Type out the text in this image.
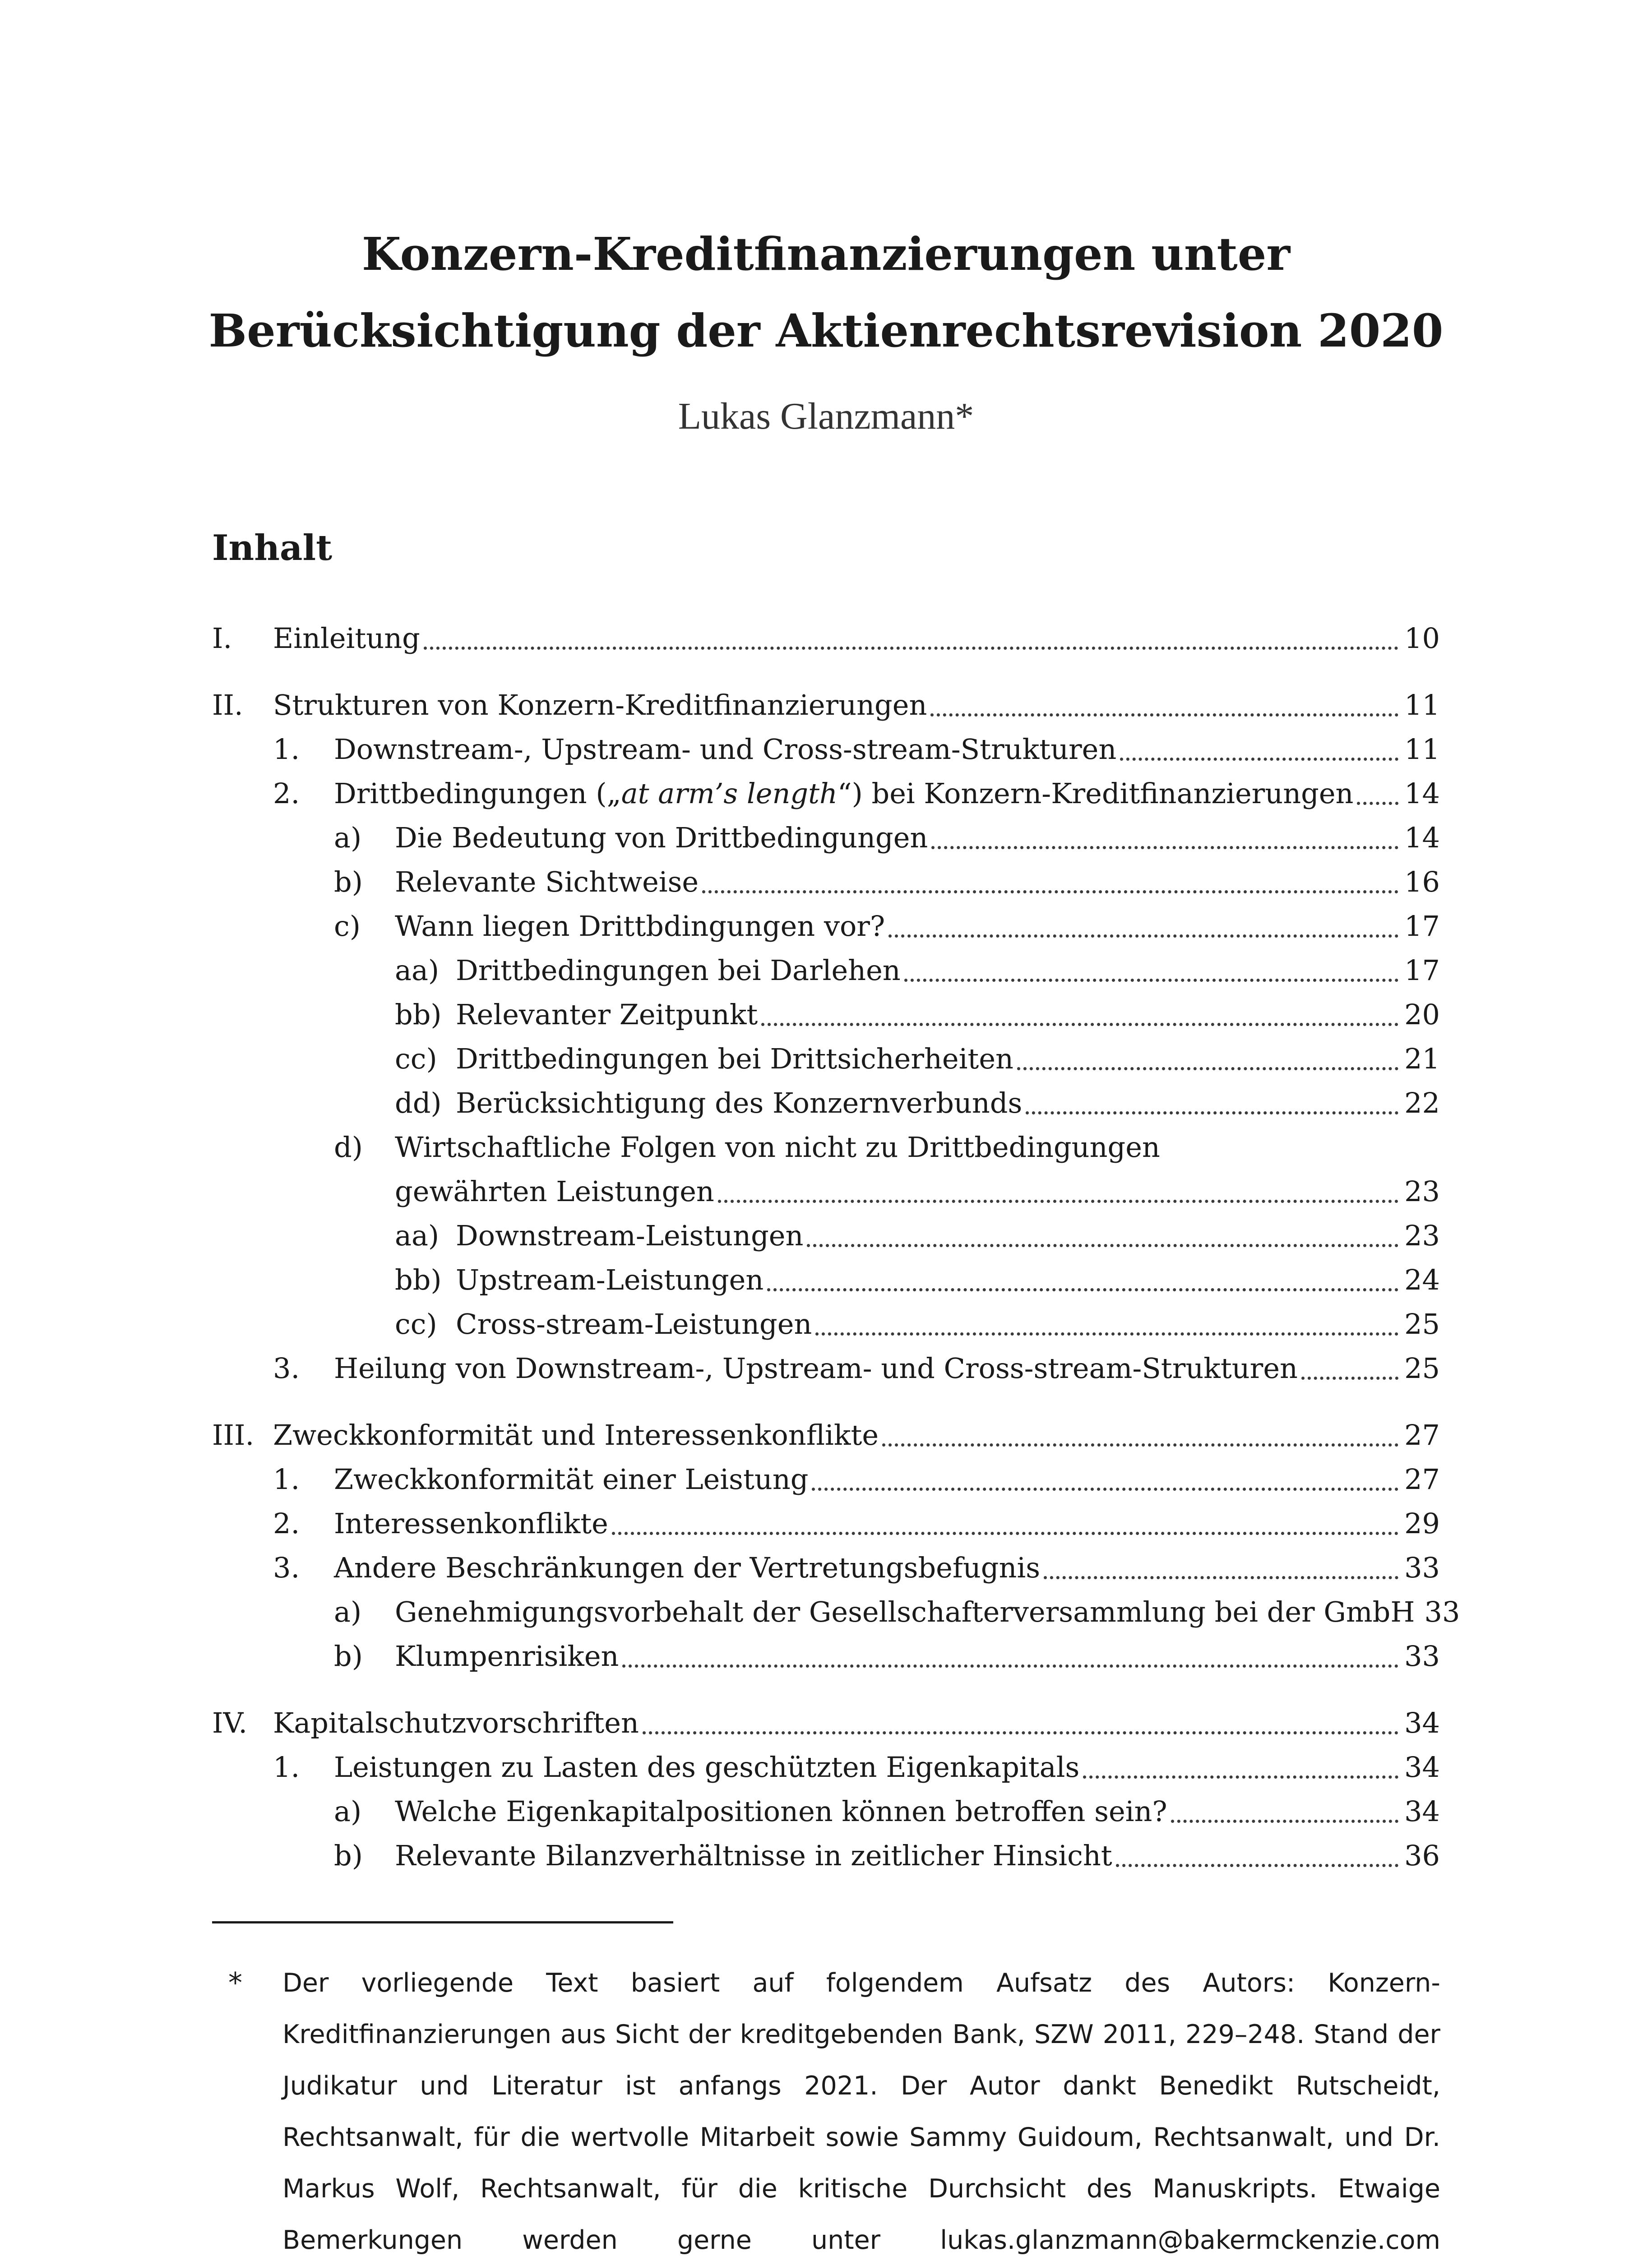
Konzern-Kreditfinanzierungen unter
Berücksichtigung der Aktienrechtsrevision 2020
Lukas Glanzmann*
Inhalt
I. Einleitung	10
II. Strukturen von Konzern-Kreditfinanzierungen	11
1. Downstream-, Upstream- und Cross-stream-Strukturen	11
2. Drittbedingungen („at arm’s length“) bei Konzern-Kreditfinanzierungen 14
a) Die Bedeutung von Drittbedingungen	14
b) Relevante Sichtweise	16
c) Wann liegen Drittbdingungen vor?	17
aa) Drittbedingungen bei Darlehen	17
bb) Relevanter Zeitpunkt	20
cc) Drittbedingungen bei Drittsicherheiten	21
dd) Berücksichtigung des Konzernverbunds	22
d) Wirtschaftliche Folgen von nicht zu Drittbedingungen
gewährten Leistungen	23
aa) Downstream-Leistungen	23
bb) Upstream-Leistungen	24
cc) Cross-stream-Leistungen	25
3. Heilung von Downstream-, Upstream- und Cross-stream-Strukturen	25
III. Zweckkonformität und Interessenkonflikte	27
1. Zweckkonformität einer Leistung	27
2. Interessenkonflikte	29
3. Andere Beschränkungen der Vertretungsbefugnis	33
a) Genehmigungsvorbehalt der Gesellschafterversammlung bei der GmbH 33
b) Klumpenrisiken	33
IV. Kapitalschutzvorschriften	34
1. Leistungen zu Lasten des geschützten Eigenkapitals	34
a) Welche Eigenkapitalpositionen können betroffen sein?	34
b) Relevante Bilanzverhältnisse in zeitlicher Hinsicht	36
* Der vorliegende Text basiert auf folgendem Aufsatz des Autors: Konzern-Kreditfinanzierungen aus Sicht der kreditgebenden Bank, SZW 2011, 229–248. Stand der Judikatur und Literatur ist anfangs 2021. Der Autor dankt Benedikt Rutscheidt, Rechtsanwalt, für die wertvolle Mitarbeit sowie Sammy Guidoum, Rechtsanwalt, und Dr. Markus Wolf, Rechtsanwalt, für die kritische Durchsicht des Manuskripts. Etwaige Bemerkungen werden gerne unter lukas.glanzmann@bakermckenzie.com
